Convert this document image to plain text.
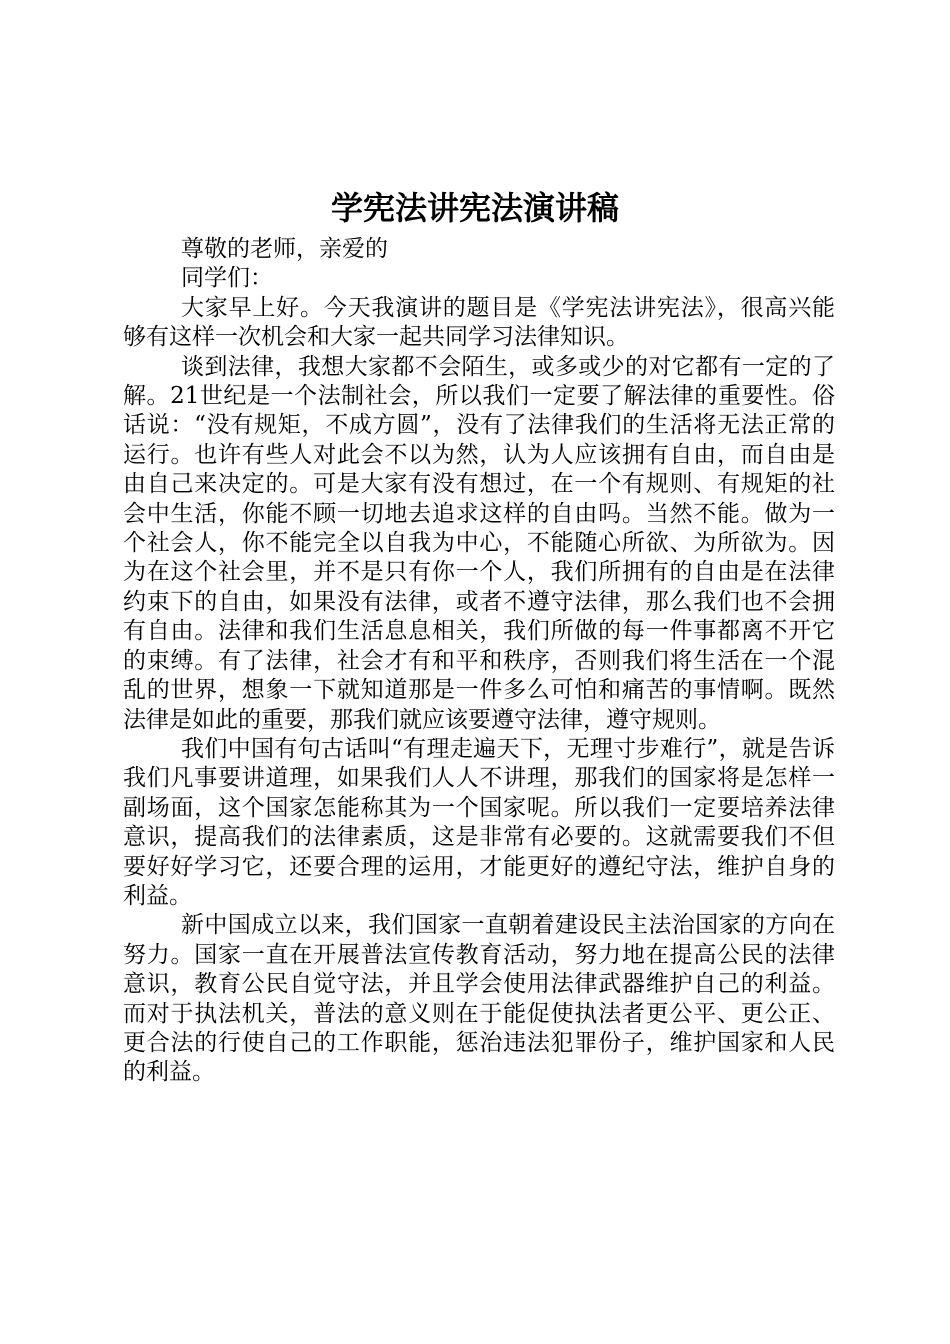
学宪法讲宪法演讲稿

尊敬的老师，亲爱的

同学们：

大家早上好。今天我演讲的题目是《学宪法讲宪法》，很高兴能够有这样一次机会和大家一起共同学习法律知识。

谈到法律，我想大家都不会陌生，或多或少的对它都有一定的了解。21世纪是一个法制社会，所以我们一定要了解法律的重要性。俗话说：“没有规矩，不成方圆”，没有了法律我们的生活将无法正常的运行。也许有些人对此会不以为然，认为人应该拥有自由，而自由是由自己来决定的。可是大家有没有想过，在一个有规则、有规矩的社会中生活，你能不顾一切地去追求这样的自由吗。当然不能。做为一个社会人，你不能完全以自我为中心，不能随心所欲、为所欲为。因为在这个社会里，并不是只有你一个人，我们所拥有的自由是在法律约束下的自由，如果没有法律，或者不遵守法律，那么我们也不会拥有自由。法律和我们生活息息相关，我们所做的每一件事都离不开它的束缚。有了法律，社会才有和平和秩序，否则我们将生活在一个混乱的世界，想象一下就知道那是一件多么可怕和痛苦的事情啊。既然法律是如此的重要，那我们就应该要遵守法律，遵守规则。

我们中国有句古话叫“有理走遍天下，无理寸步难行”，就是告诉我们凡事要讲道理，如果我们人人不讲理，那我们的国家将是怎样一副场面，这个国家怎能称其为一个国家呢。所以我们一定要培养法律意识，提高我们的法律素质，这是非常有必要的。这就需要我们不但要好好学习它，还要合理的运用，才能更好的遵纪守法，维护自身的利益。

新中国成立以来，我们国家一直朝着建设民主法治国家的方向在努力。国家一直在开展普法宣传教育活动，努力地在提高公民的法律意识，教育公民自觉守法，并且学会使用法律武器维护自己的利益。而对于执法机关，普法的意义则在于能促使执法者更公平、更公正、更合法的行使自己的工作职能，惩治违法犯罪份子，维护国家和人民的利益。
